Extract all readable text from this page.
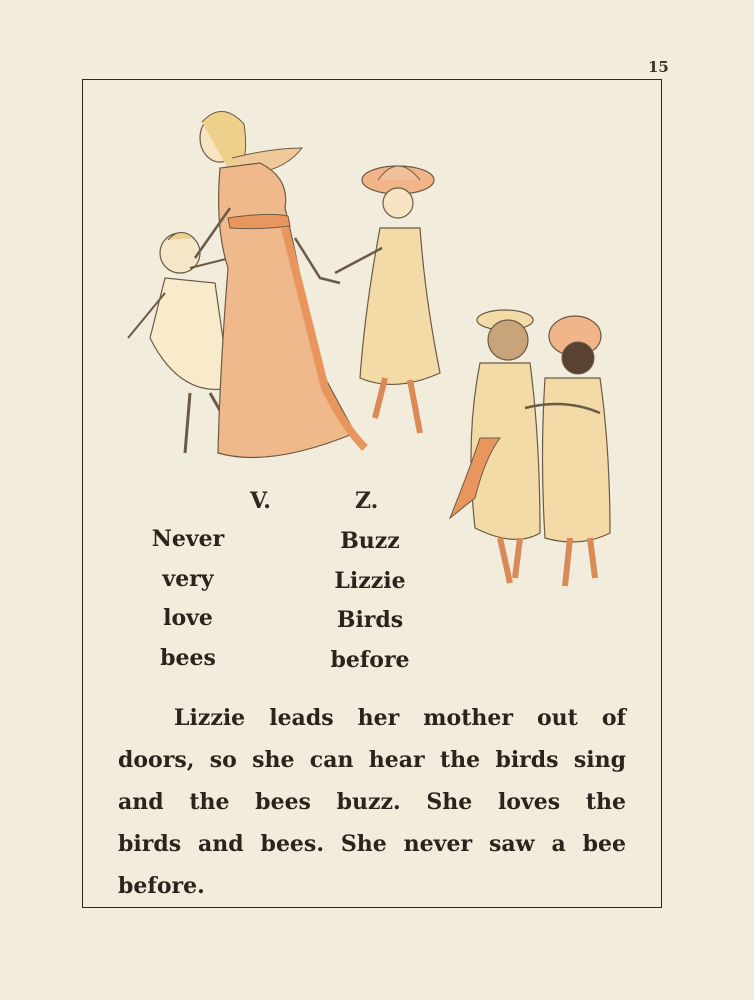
15
V.	Z.
Never
very
love
bees
Buzz
Lizzie
Birds
before
Lizzie leads her mother out of doors, so she can hear the birds sing and the bees buzz. She loves the birds and bees. She never saw a bee before.
